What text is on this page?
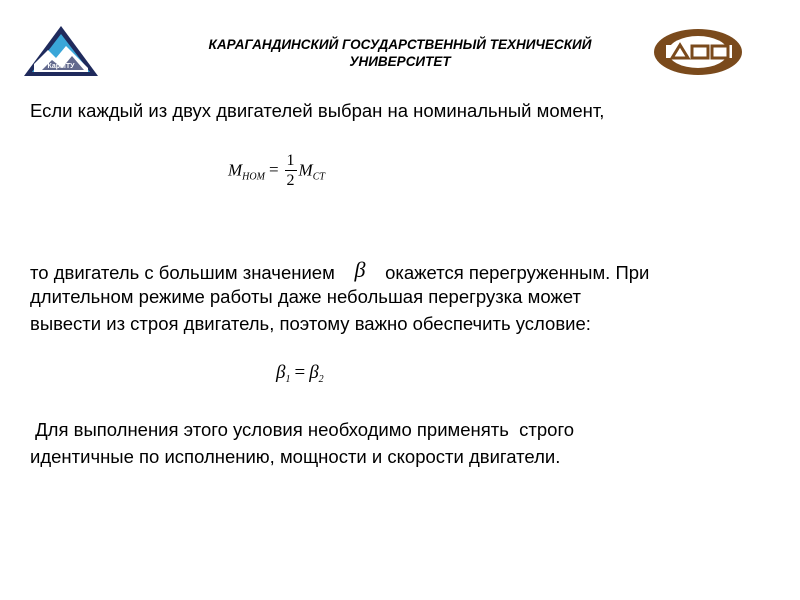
КарМТУ
КАРАГАНДИНСКИЙ ГОСУДАРСТВЕННЫЙ ТЕХНИЧЕСКИЙ
УНИВЕРСИТЕТ
Если каждый из двух двигателей выбран на номинальный момент,
$M_{НОМ} = \frac{1}{2} M_{СТ}$
то двигатель с большим значением β окажется перегруженным. При
длительном режиме работы даже небольшая перегрузка может
вывести из строя двигатель, поэтому важно обеспечить условие:
$\beta_1 = \beta_2$
Для выполнения этого условия необходимо применять  строго
идентичные по исполнению, мощности и скорости двигатели.
